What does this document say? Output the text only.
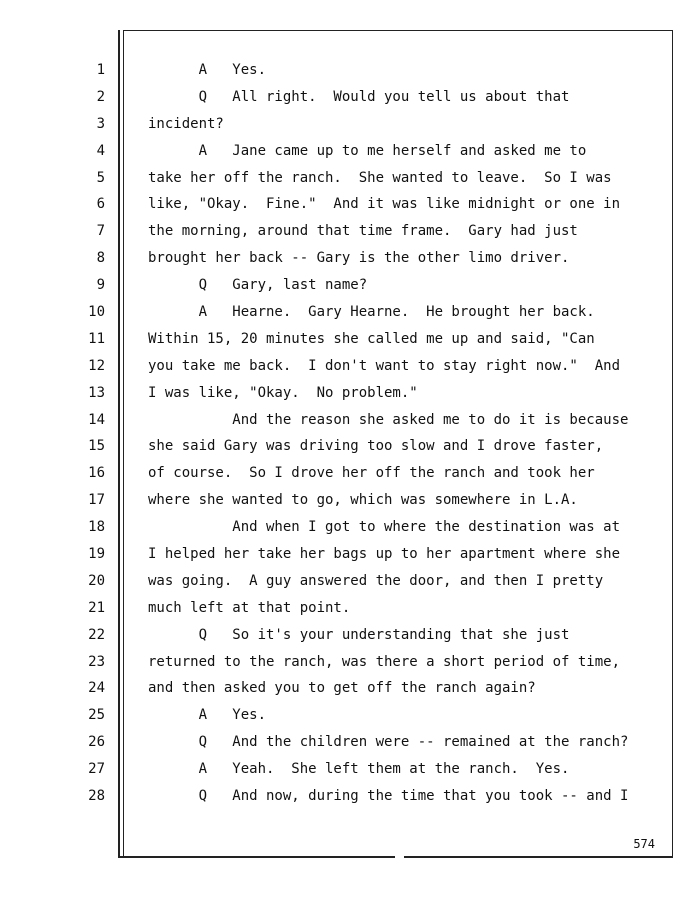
1
2
3
4
5
6
7
8
9
10
11
12
13
14
15
16
17
18
19
20
21
22
23
24
25
26
27
28
A   Yes.
Q   All right.  Would you tell us about that
incident?
A   Jane came up to me herself and asked me to
take her off the ranch.  She wanted to leave.  So I was
like, "Okay.  Fine."  And it was like midnight or one in
the morning, around that time frame.  Gary had just
brought her back -- Gary is the other limo driver.
Q   Gary, last name?
A   Hearne.  Gary Hearne.  He brought her back.
Within 15, 20 minutes she called me up and said, "Can
you take me back.  I don't want to stay right now."  And
I was like, "Okay.  No problem."
And the reason she asked me to do it is because
she said Gary was driving too slow and I drove faster,
of course.  So I drove her off the ranch and took her
where she wanted to go, which was somewhere in L.A.
And when I got to where the destination was at
I helped her take her bags up to her apartment where she
was going.  A guy answered the door, and then I pretty
much left at that point.
Q   So it's your understanding that she just
returned to the ranch, was there a short period of time,
and then asked you to get off the ranch again?
A   Yes.
Q   And the children were -- remained at the ranch?
A   Yeah.  She left them at the ranch.  Yes.
Q   And now, during the time that you took -- and I
574
